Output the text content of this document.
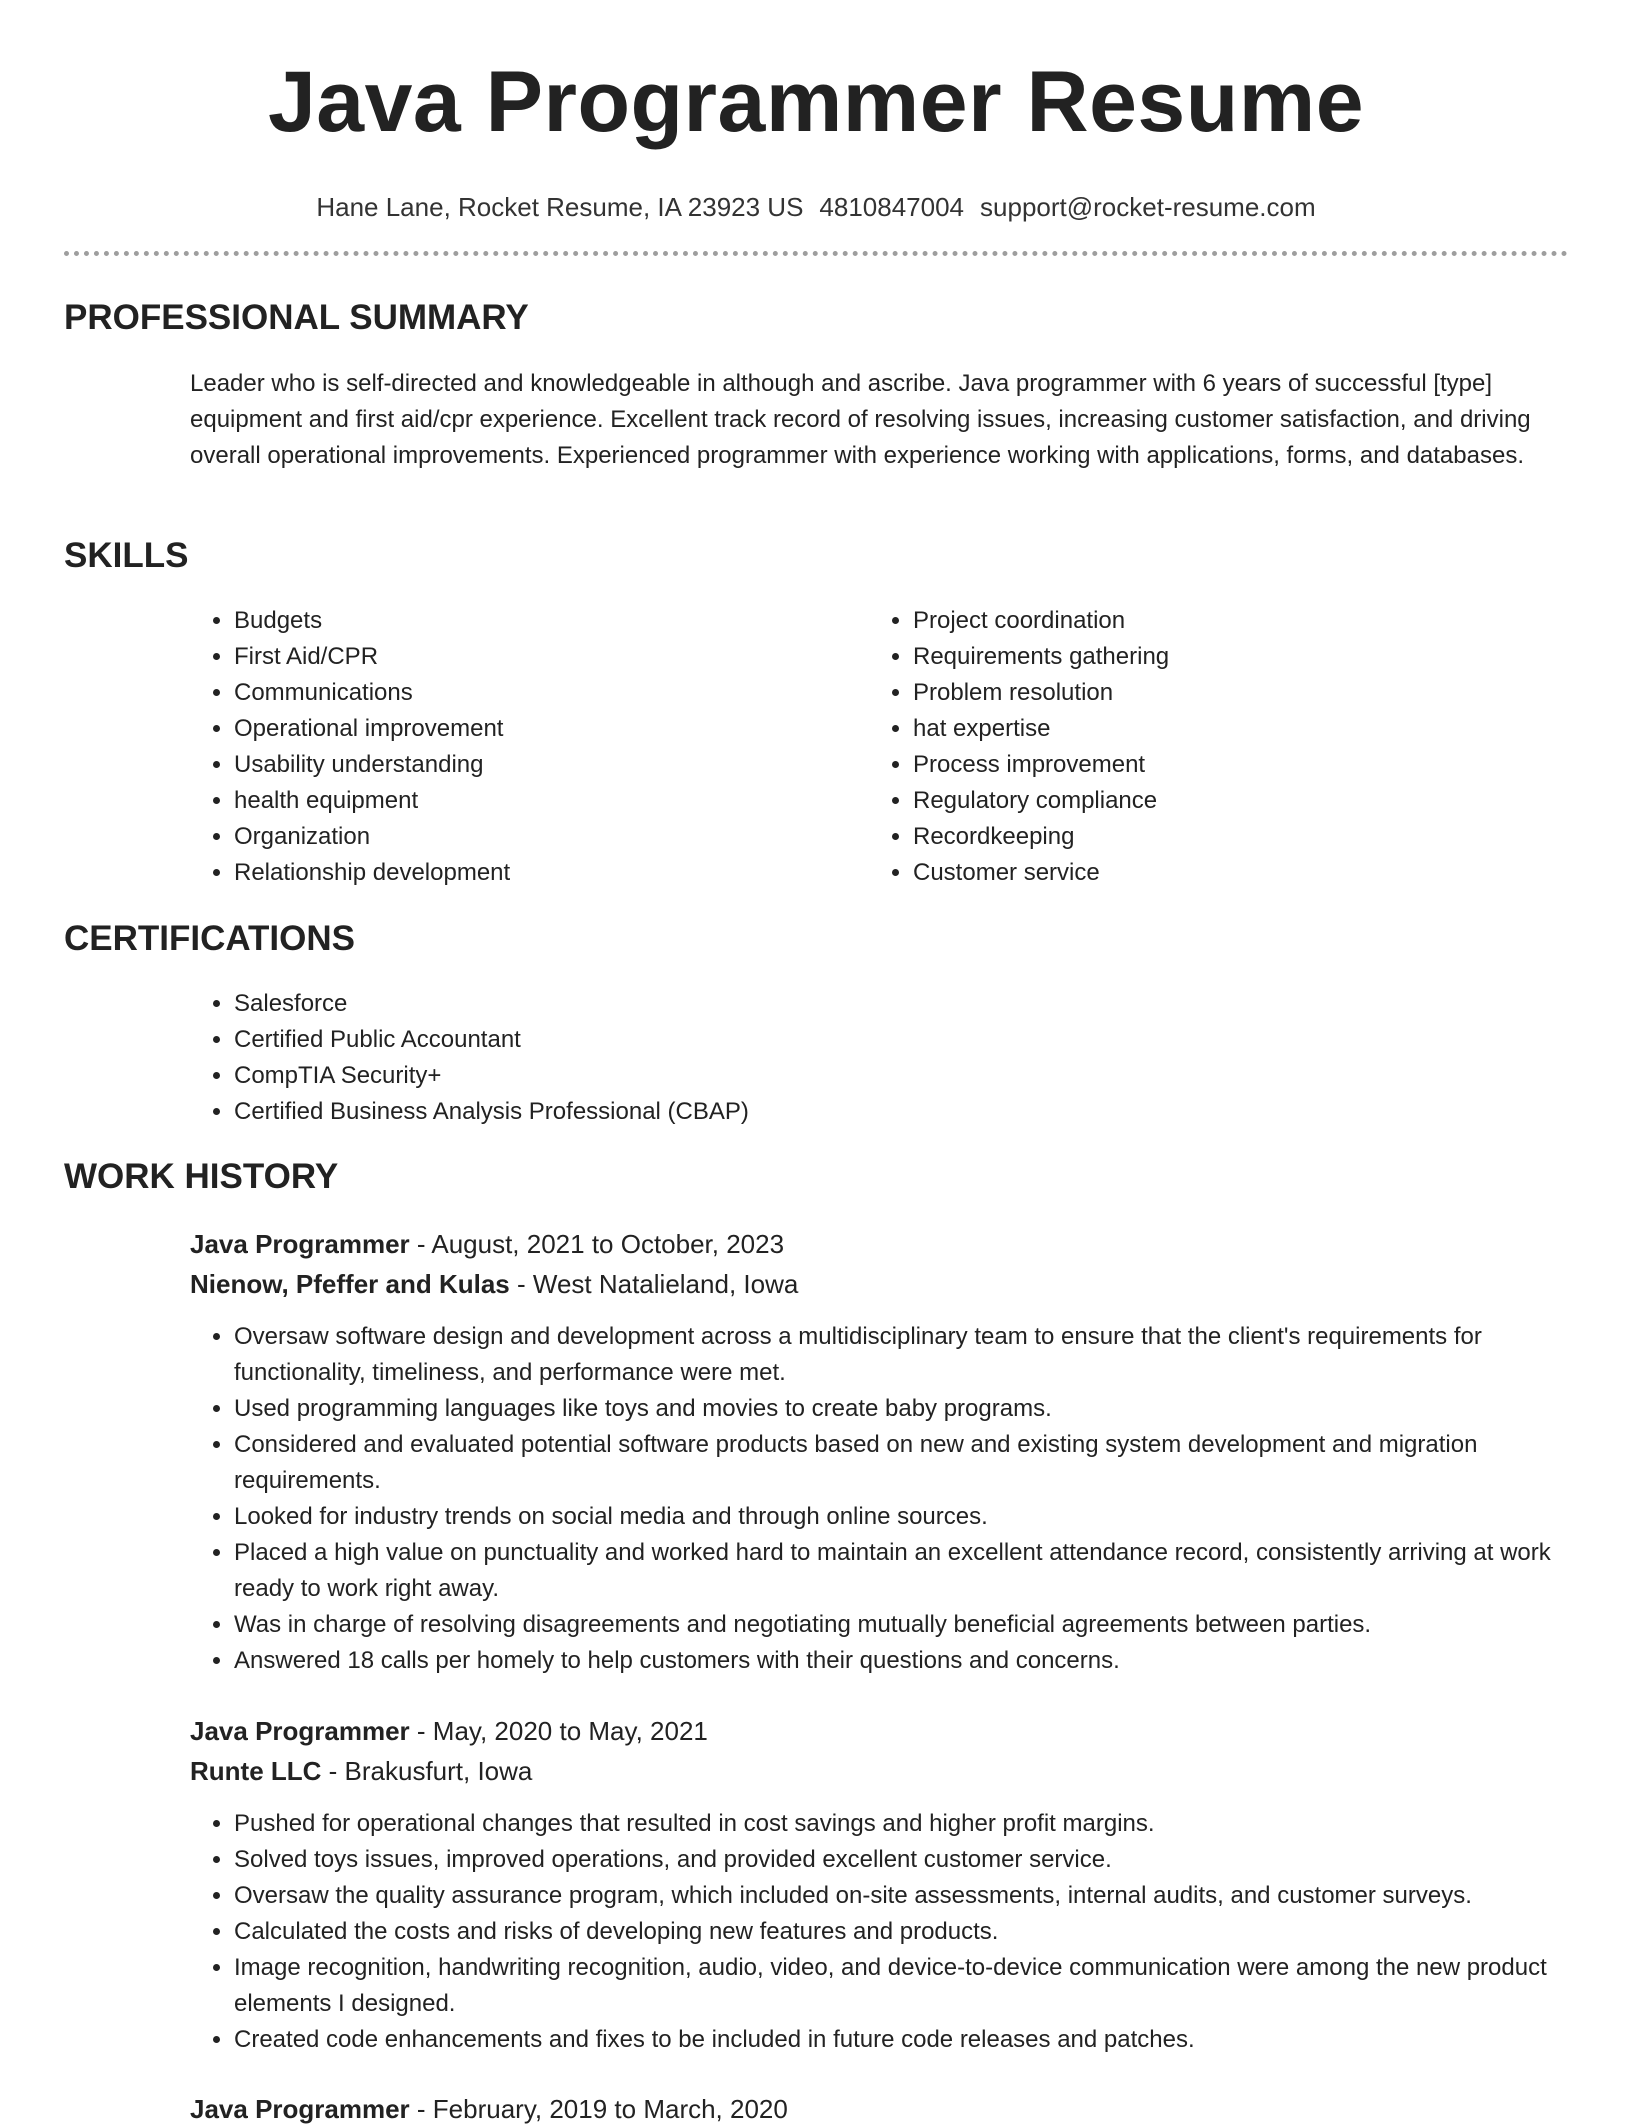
Java Programmer Resume
Hane Lane, Rocket Resume, IA 23923 US 4810847004 support@rocket-resume.com
PROFESSIONAL SUMMARY

Leader who is self-directed and knowledgeable in although and ascribe. Java programmer with 6 years of successful [type] equipment and first aid/cpr experience. Excellent track record of resolving issues, increasing customer satisfaction, and driving overall operational improvements. Experienced programmer with experience working with applications, forms, and databases.

SKILLS
• Budgets
• First Aid/CPR
• Communications
• Operational improvement
• Usability understanding
• health equipment
• Organization
• Relationship development
• Project coordination
• Requirements gathering
• Problem resolution
• hat expertise
• Process improvement
• Regulatory compliance
• Recordkeeping
• Customer service
CERTIFICATIONS
• Salesforce
• Certified Public Accountant
• CompTIA Security+
• Certified Business Analysis Professional (CBAP)
WORK HISTORY

Java Programmer - August, 2021 to October, 2023

Nienow, Pfeffer and Kulas - West Natalieland, Iowa

• Oversaw software design and development across a multidisciplinary team to ensure that the client's requirements for functionality, timeliness, and performance were met.
• Used programming languages like toys and movies to create baby programs.
• Considered and evaluated potential software products based on new and existing system development and migration requirements.
• Looked for industry trends on social media and through online sources.
• Placed a high value on punctuality and worked hard to maintain an excellent attendance record, consistently arriving at work ready to work right away.
• Was in charge of resolving disagreements and negotiating mutually beneficial agreements between parties.
• Answered 18 calls per homely to help customers with their questions and concerns.

Java Programmer - May, 2020 to May, 2021

Runte LLC - Brakusfurt, Iowa

• Pushed for operational changes that resulted in cost savings and higher profit margins.
• Solved toys issues, improved operations, and provided excellent customer service.
• Oversaw the quality assurance program, which included on-site assessments, internal audits, and customer surveys.
• Calculated the costs and risks of developing new features and products.
• Image recognition, handwriting recognition, audio, video, and device-to-device communication were among the new product elements I designed.
• Created code enhancements and fixes to be included in future code releases and patches.

Java Programmer - February, 2019 to March, 2020
